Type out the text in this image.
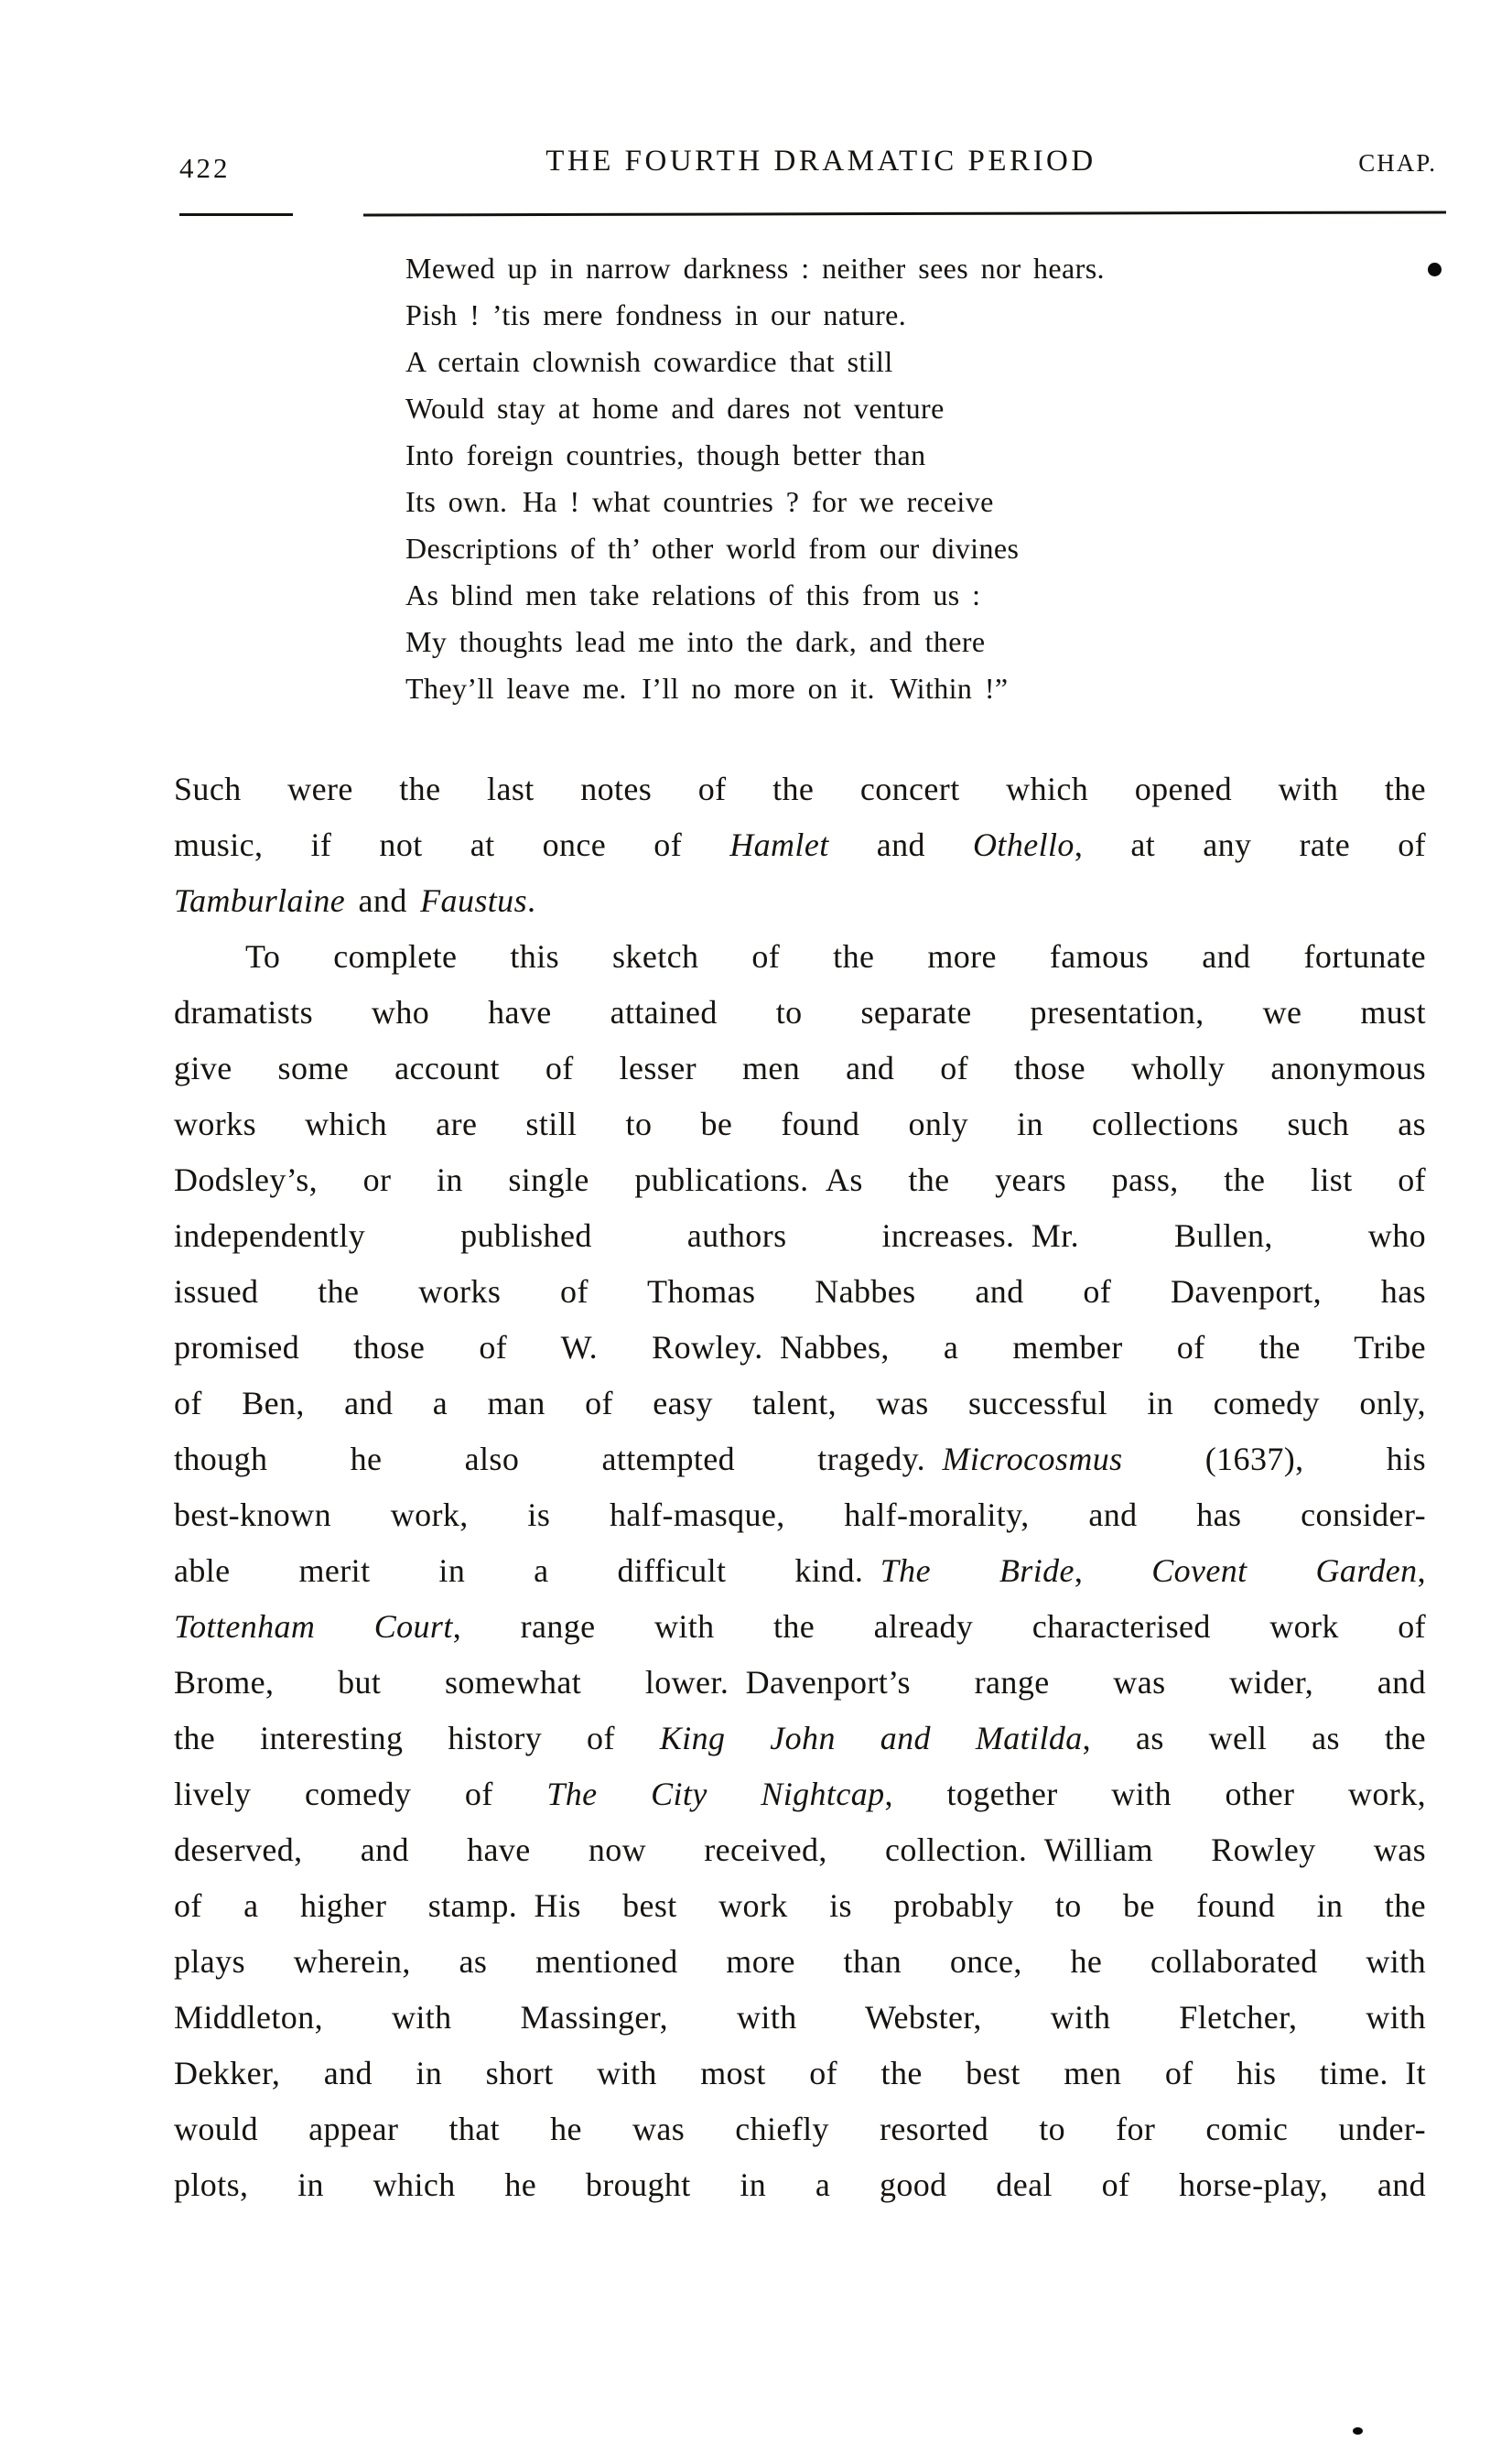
422	THE FOURTH DRAMATIC PERIOD	CHAP.
Mewed up in narrow darkness : neither sees nor hears.
Pish ! ’tis mere fondness in our nature.
A certain clownish cowardice that still
Would stay at home and dares not venture
Into foreign countries, though better than
Its own. Ha ! what countries ? for we receive
Descriptions of th’ other world from our divines
As blind men take relations of this from us :
My thoughts lead me into the dark, and there
They’ll leave me. I’ll no more on it. Within !”
Such were the last notes of the concert which opened with the
music, if not at once of Hamlet and Othello, at any rate of
Tamburlaine and Faustus.
To complete this sketch of the more famous and fortunate
dramatists who have attained to separate presentation, we must
give some account of lesser men and of those wholly anonymous
works which are still to be found only in collections such as
Dodsley’s, or in single publications. As the years pass, the list of
independently published authors increases. Mr. Bullen, who
issued the works of Thomas Nabbes and of Davenport, has
promised those of W. Rowley. Nabbes, a member of the Tribe
of Ben, and a man of easy talent, was successful in comedy only,
though he also attempted tragedy. Microcosmus (1637), his
best-known work, is half-masque, half-morality, and has consider-
able merit in a difficult kind. The Bride, Covent Garden,
Tottenham Court, range with the already characterised work of
Brome, but somewhat lower. Davenport’s range was wider, and
the interesting history of King John and Matilda, as well as the
lively comedy of The City Nightcap, together with other work,
deserved, and have now received, collection. William Rowley was
of a higher stamp. His best work is probably to be found in the
plays wherein, as mentioned more than once, he collaborated with
Middleton, with Massinger, with Webster, with Fletcher, with
Dekker, and in short with most of the best men of his time. It
would appear that he was chiefly resorted to for comic under-
plots, in which he brought in a good deal of horse-play, and
